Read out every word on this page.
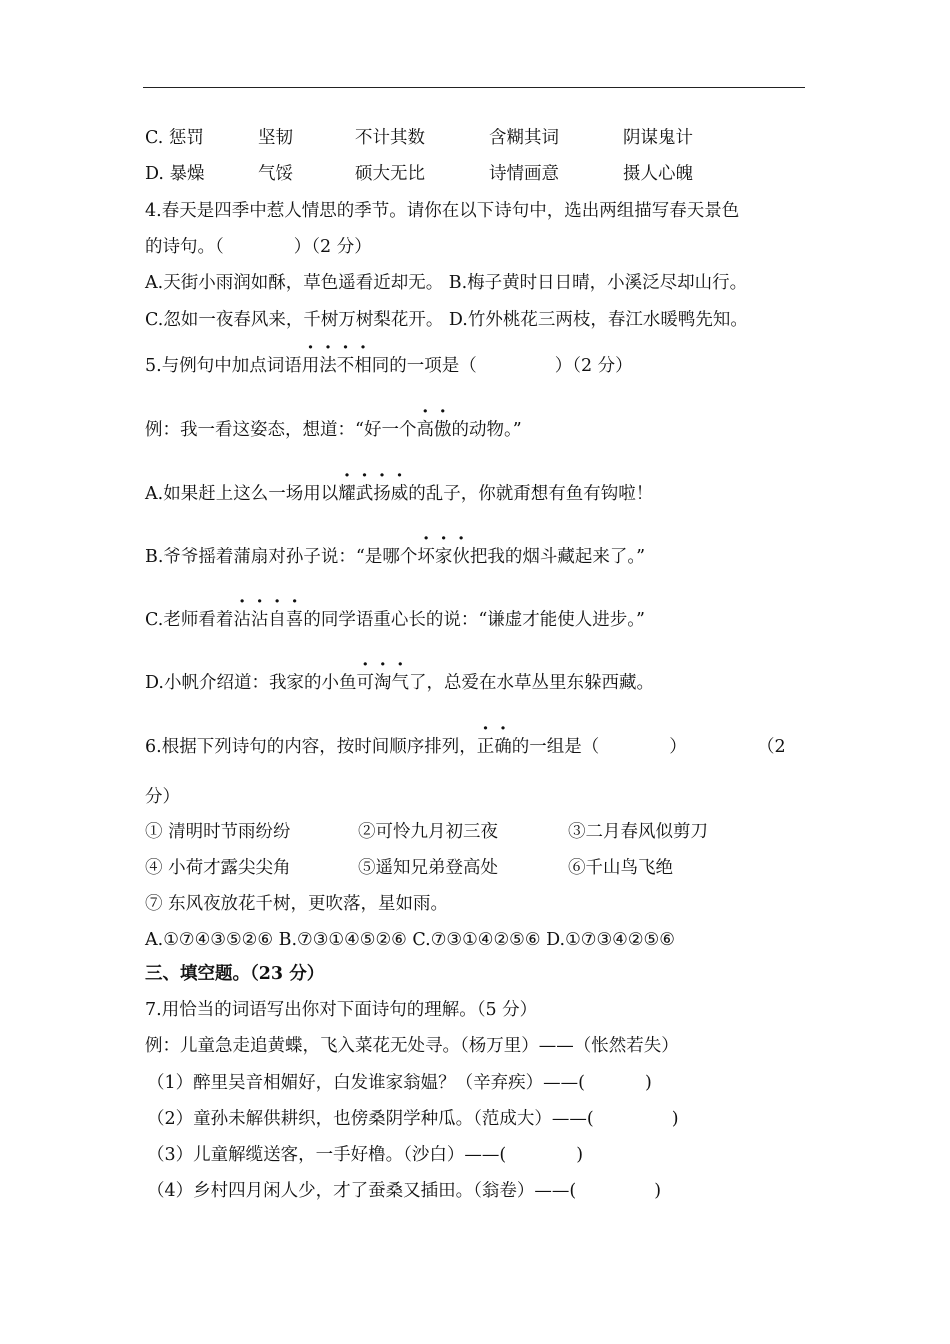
C. 惩罚	坚韧	不计其数	含糊其词	阴谋鬼计
D. 暴燥	气馁	硕大无比	诗情画意	摄人心魄
4.春天是四季中惹人情思的季节。请你在以下诗句中，选出两组描写春天景色
的诗句。（	）（2 分）
A.天街小雨润如酥，草色遥看近却无。 B.梅子黄时日日晴，小溪泛尽却山行。
C.忽如一夜春风来，千树万树梨花开。 D.竹外桃花三两枝，春江水暖鸭先知。
5.与例句中加点词语用法不相同的一项是（	）（2 分）
例：我一看这姿态，想道：“好一个高傲的动物。”
A.如果赶上这么一场用以耀武扬威的乱子，你就甭想有鱼有钩啦！
B.爷爷摇着蒲扇对孙子说：“是哪个坏家伙把我的烟斗藏起来了。”
C.老师看着沾沾自喜的同学语重心长的说：“谦虚才能使人进步。”
D.小帆介绍道：我家的小鱼可淘气了，总爱在水草丛里东躲西藏。
6.根据下列诗句的内容，按时间顺序排列，正确的一组是（	）	（2
分）
① 清明时节雨纷纷	②可怜九月初三夜	③二月春风似剪刀
④ 小荷才露尖尖角	⑤遥知兄弟登高处	⑥千山鸟飞绝
⑦ 东风夜放花千树，更吹落，星如雨。
A.①⑦④③⑤②⑥ B.⑦③①④⑤②⑥ C.⑦③①④②⑤⑥ D.①⑦③④②⑤⑥
三、填空题。（23 分）
7.用恰当的词语写出你对下面诗句的理解。（5 分）
例：儿童急走追黄蝶，飞入菜花无处寻。（杨万里）——（怅然若失）
（1）醉里吴音相媚好，白发谁家翁媪？（辛弃疾）——(	)
（2）童孙未解供耕织，也傍桑阴学种瓜。（范成大）——(	)
（3）儿童解缆送客，一手好橹。（沙白）——(	)
（4）乡村四月闲人少，才了蚕桑又插田。（翁卷）——(	)
